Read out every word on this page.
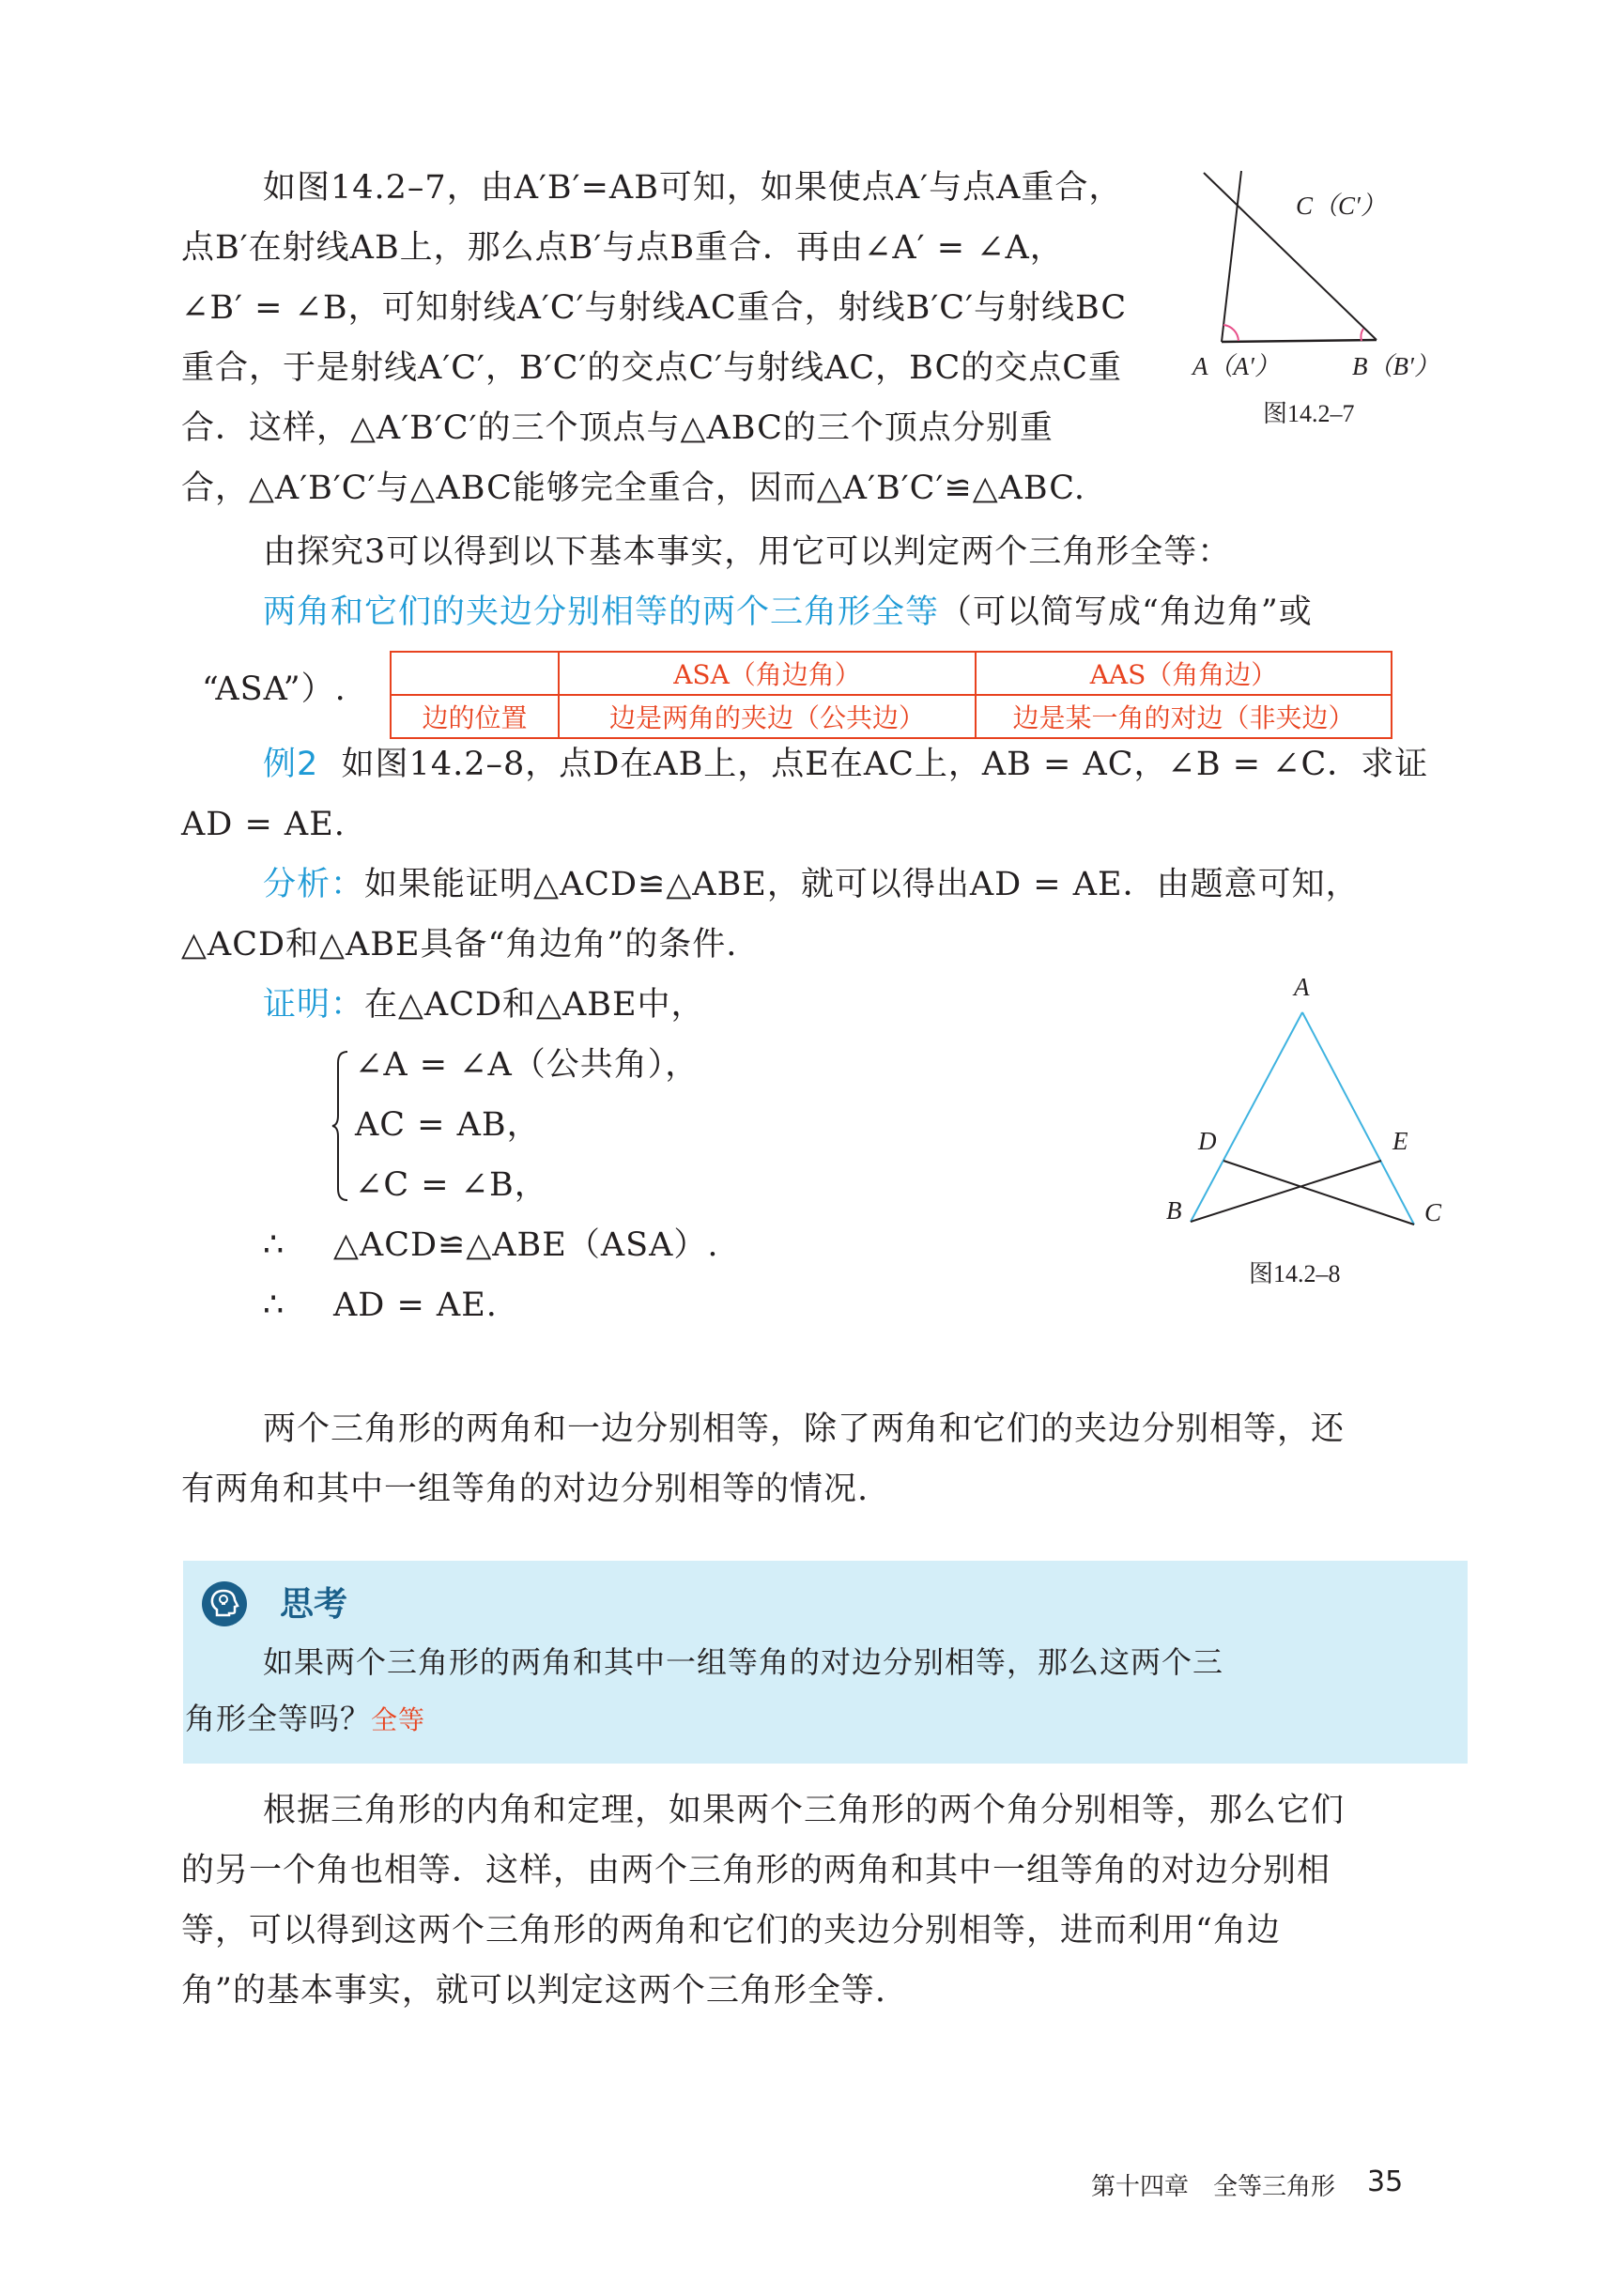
如图14.2–7，由A′B′=AB可知，如果使点A′与点A重合，
点B′在射线AB上，那么点B′与点B重合．再由∠A′ = ∠A，
∠B′ = ∠B，可知射线A′C′与射线AC重合，射线B′C′与射线BC
重合，于是射线A′C′，B′C′的交点C′与射线AC，BC的交点C重
合．这样，△A′B′C′的三个顶点与△ABC的三个顶点分别重
合，△A′B′C′与△ABC能够完全重合，因而△A′B′C′≌△ABC.
C（C′）
A（A′）	B（B′）
图14.2–7
由探究3可以得到以下基本事实，用它可以判定两个三角形全等：
两角和它们的夹边分别相等的两个三角形全等（可以简写成“角边角”或
“ASA”）.
		ASA（角边角）	AAS（角角边）
边的位置	边是两角的夹边（公共边）	边是某一角的对边（非夹边）
例2 如图14.2–8，点D在AB上，点E在AC上，AB = AC，∠B = ∠C．求证
AD = AE.
分析：如果能证明△ACD≌△ABE，就可以得出AD = AE．由题意可知，
△ACD和△ABE具备“角边角”的条件.
证明：在△ACD和△ABE中，
∠A = ∠A（公共角），
AC = AB，
∠C = ∠B，
∴ △ACD≌△ABE（ASA）.
∴ AD = AE.
A
D	E
B	C
图14.2–8
两个三角形的两角和一边分别相等，除了两角和它们的夹边分别相等，还
有两角和其中一组等角的对边分别相等的情况.
思考
如果两个三角形的两角和其中一组等角的对边分别相等，那么这两个三
角形全等吗？全等
根据三角形的内角和定理，如果两个三角形的两个角分别相等，那么它们
的另一个角也相等．这样，由两个三角形的两角和其中一组等角的对边分别相
等，可以得到这两个三角形的两角和它们的夹边分别相等，进而利用“角边
角”的基本事实，就可以判定这两个三角形全等.
第十四章　全等三角形 35
